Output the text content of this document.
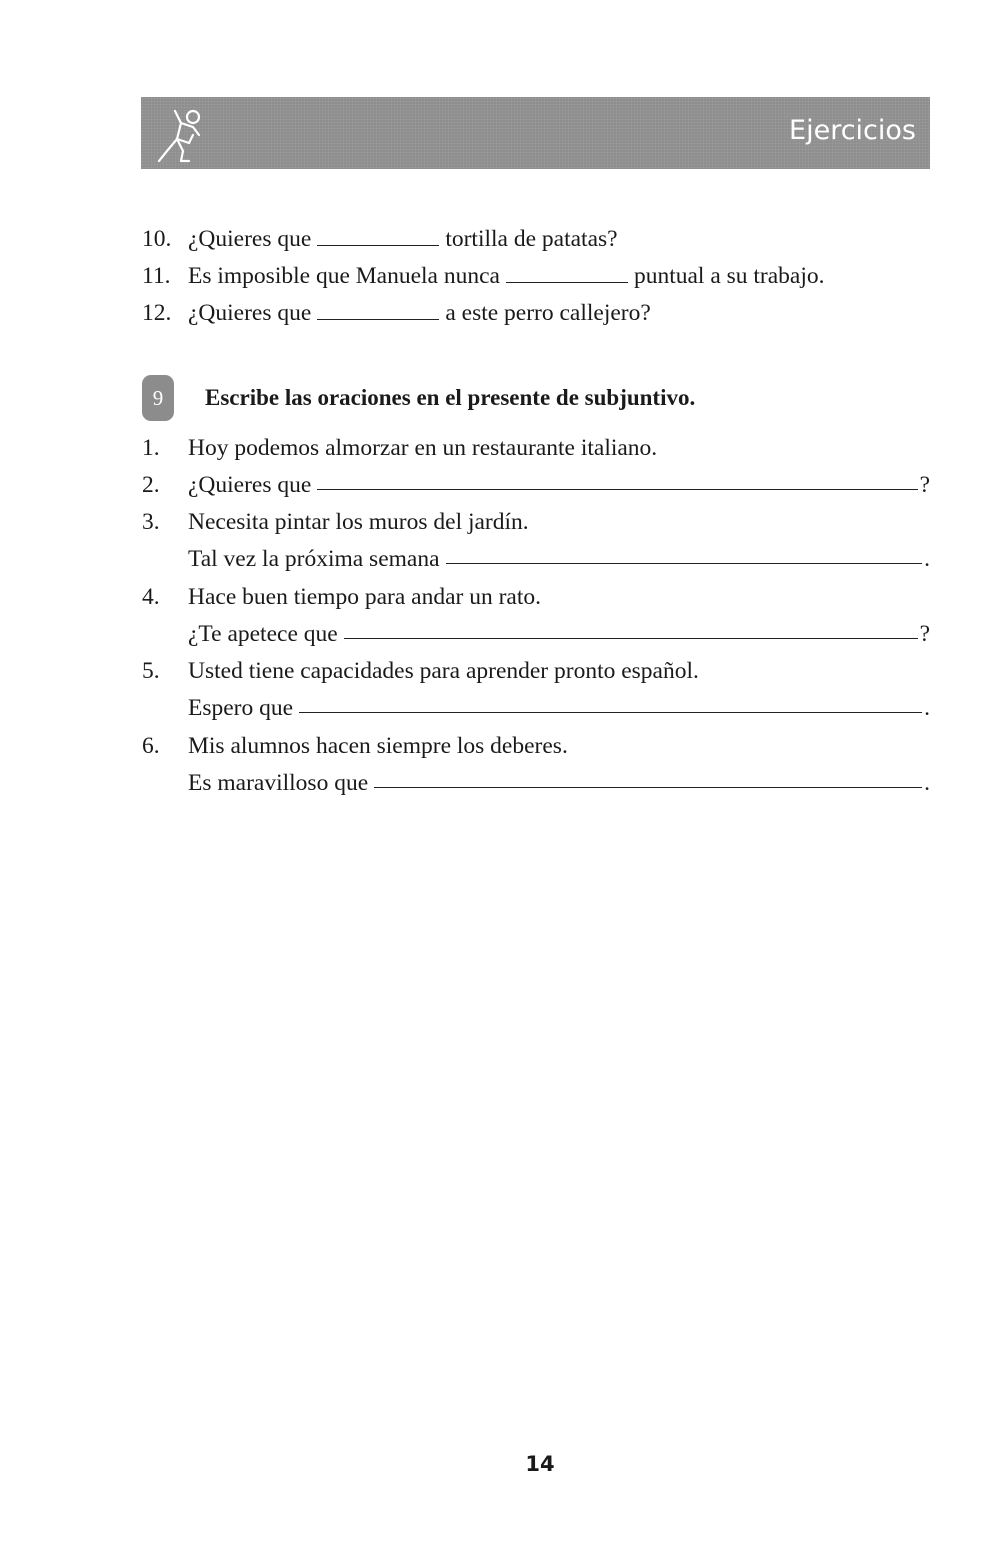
Ejercicios
10. ¿Quieres que	tortilla de patatas?
11. Es imposible que Manuela nunca	puntual a su trabajo.
12. ¿Quieres que	a este perro callejero?
9	Escribe las oraciones en el presente de subjuntivo.
1.	Hoy podemos almorzar en un restaurante italiano.
2.	¿Quieres que	?
3.	Necesita pintar los muros del jardín.
Tal vez la próxima semana	.
4.	Hace buen tiempo para andar un rato.
¿Te apetece que	?
5.	Usted tiene capacidades para aprender pronto español.
Espero que	.
6.	Mis alumnos hacen siempre los deberes.
Es maravilloso que	.
14
